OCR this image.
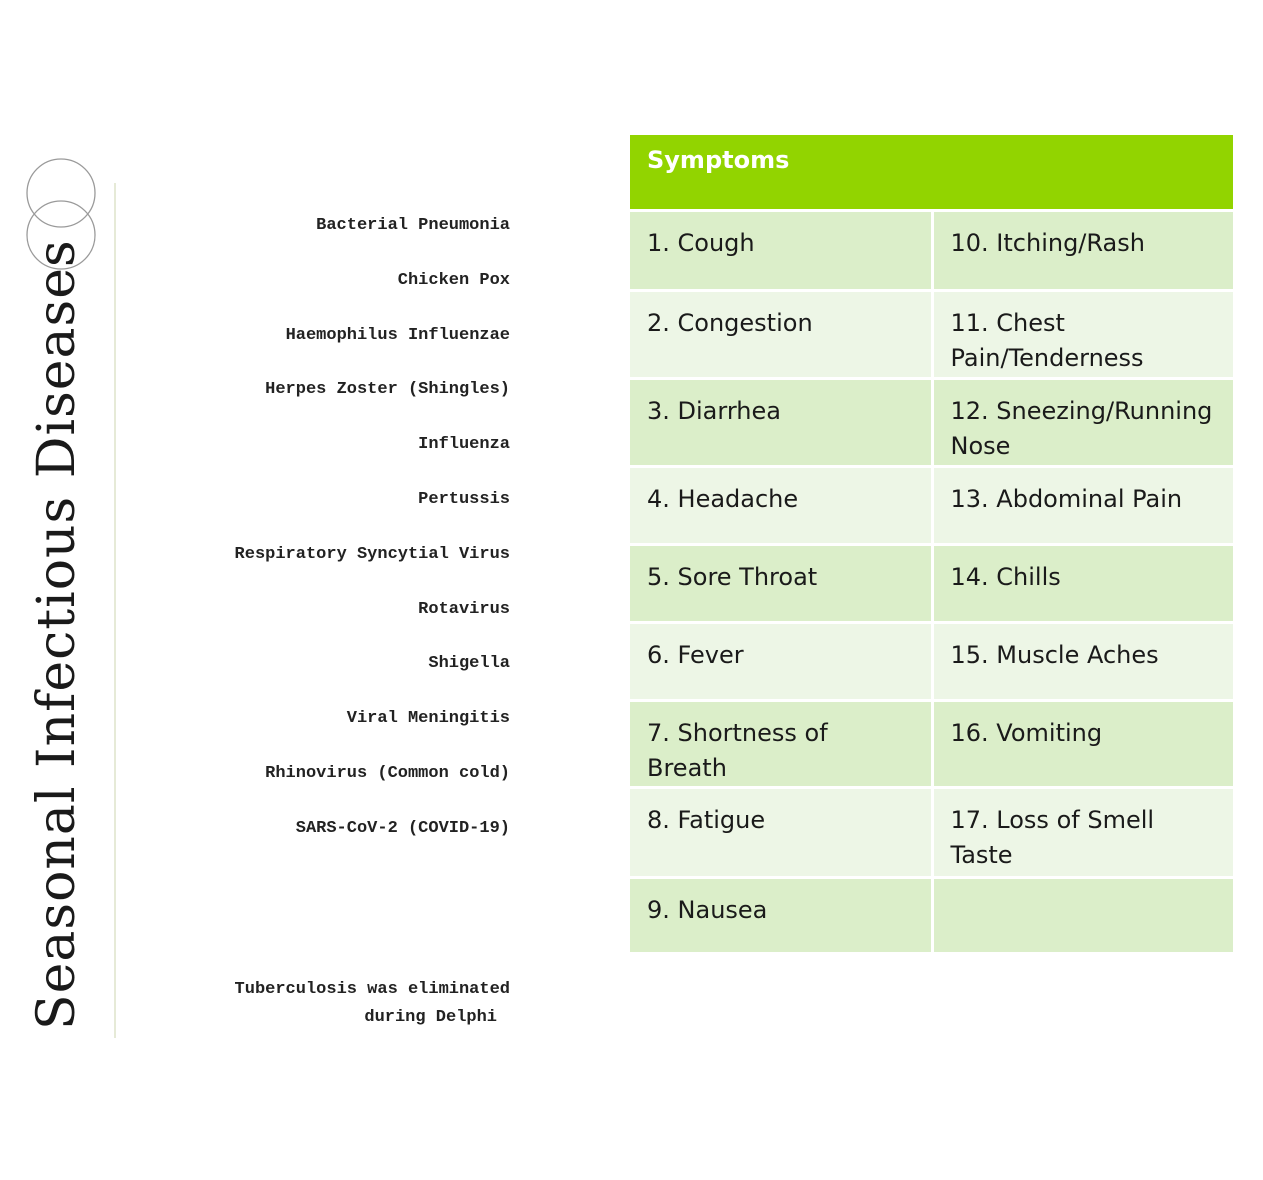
Seasonal Infectious Diseases
Bacterial Pneumonia
Chicken Pox
Haemophilus Influenzae
Herpes Zoster (Shingles)
Influenza
Pertussis
Respiratory Syncytial Virus
Rotavirus
Shigella
Viral Meningitis
Rhinovirus (Common cold)
SARS-CoV-2 (COVID-19)
Tuberculosis was eliminated
during Delphi
Symptoms	
1. Cough	10. Itching/Rash
2. Congestion	11. Chest Pain/Tenderness
3. Diarrhea	12. Sneezing/Running Nose
4. Headache	13. Abdominal Pain
5. Sore Throat	14. Chills
6. Fever	15. Muscle Aches
7. Shortness of Breath	16. Vomiting
8. Fatigue	17. Loss of Smell Taste
9. Nausea	
